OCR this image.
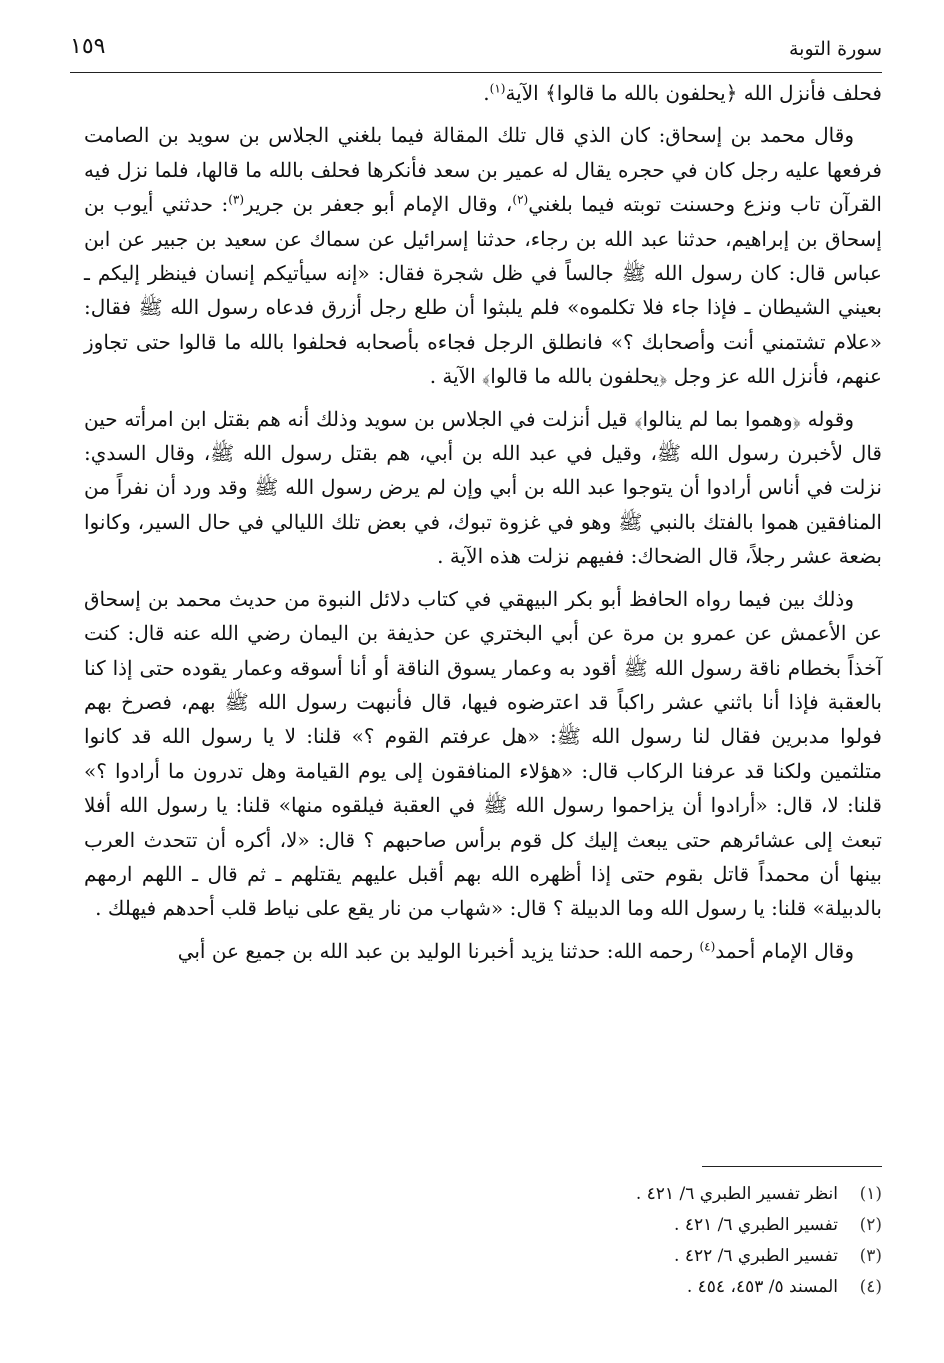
سورة التوبة
١٥٩

فحلف فأنزل الله ﴿يحلفون بالله ما قالوا﴾ الآية$^{(١)}$.

وقال محمد بن إسحاق: كان الذي قال تلك المقالة فيما بلغني الجلاس بن سويد بن الصامت فرفعها عليه رجل كان في حجره يقال له عمير بن سعد فأنكرها فحلف بالله ما قالها، فلما نزل فيه القرآن تاب ونزع وحسنت توبته فيما بلغني$^{(٢)}$، وقال الإمام أبو جعفر بن جرير$^{(٣)}$: حدثني أيوب بن إسحاق بن إبراهيم، حدثنا عبد الله بن رجاء، حدثنا إسرائيل عن سماك عن سعيد بن جبير عن ابن عباس قال: كان رسول الله ﷺ جالساً في ظل شجرة فقال: «إنه سيأتيكم إنسان فينظر إليكم ـ بعيني الشيطان ـ فإذا جاء فلا تكلموه» فلم يلبثوا أن طلع رجل أزرق فدعاه رسول الله ﷺ فقال: «علام تشتمني أنت وأصحابك ؟» فانطلق الرجل فجاءه بأصحابه فحلفوا بالله ما قالوا حتى تجاوز عنهم، فأنزل الله عز وجل ﴿يحلفون بالله ما قالوا﴾ الآية .

وقوله ﴿وهموا بما لم ينالوا﴾ قيل أنزلت في الجلاس بن سويد وذلك أنه هم بقتل ابن امرأته حين قال لأخبرن رسول الله ﷺ، وقيل في عبد الله بن أبي، هم بقتل رسول الله ﷺ، وقال السدي: نزلت في أناس أرادوا أن يتوجوا عبد الله بن أبي وإن لم يرض رسول الله ﷺ وقد ورد أن نفراً من المنافقين هموا بالفتك بالنبي ﷺ وهو في غزوة تبوك، في بعض تلك الليالي في حال السير، وكانوا بضعة عشر رجلاً، قال الضحاك: ففيهم نزلت هذه الآية .

وذلك بين فيما رواه الحافظ أبو بكر البيهقي في كتاب دلائل النبوة من حديث محمد بن إسحاق عن الأعمش عن عمرو بن مرة عن أبي البختري عن حذيفة بن اليمان رضي الله عنه قال: كنت آخذاً بخطام ناقة رسول الله ﷺ أقود به وعمار يسوق الناقة أو أنا أسوقه وعمار يقوده حتى إذا كنا بالعقبة فإذا أنا باثني عشر راكباً قد اعترضوه فيها، قال فأنبهت رسول الله ﷺ بهم، فصرخ بهم فولوا مدبرين فقال لنا رسول الله ﷺ: «هل عرفتم القوم ؟» قلنا: لا يا رسول الله قد كانوا متلثمين ولكنا قد عرفنا الركاب قال: «هؤلاء المنافقون إلى يوم القيامة وهل تدرون ما أرادوا ؟» قلنا: لا، قال: «أرادوا أن يزاحموا رسول الله ﷺ في العقبة فيلقوه منها» قلنا: يا رسول الله أفلا تبعث إلى عشائرهم حتى يبعث إليك كل قوم برأس صاحبهم ؟ قال: «لا، أكره أن تتحدث العرب بينها أن محمداً قاتل بقوم حتى إذا أظهره الله بهم أقبل عليهم يقتلهم ـ ثم قال ـ اللهم ارمهم بالدبيلة» قلنا: يا رسول الله وما الدبيلة ؟ قال: «شهاب من نار يقع على نياط قلب أحدهم فيهلك .

وقال الإمام أحمد$^{(٤)}$ رحمه الله: حدثنا يزيد أخبرنا الوليد بن عبد الله بن جميع عن أبي

(١)انظر تفسير الطبري ٦/ ٤٢١ .
(٢)تفسير الطبري ٦/ ٤٢١ .
(٣)تفسير الطبري ٦/ ٤٢٢ .
(٤)المسند ٥/ ٤٥٣، ٤٥٤ .
